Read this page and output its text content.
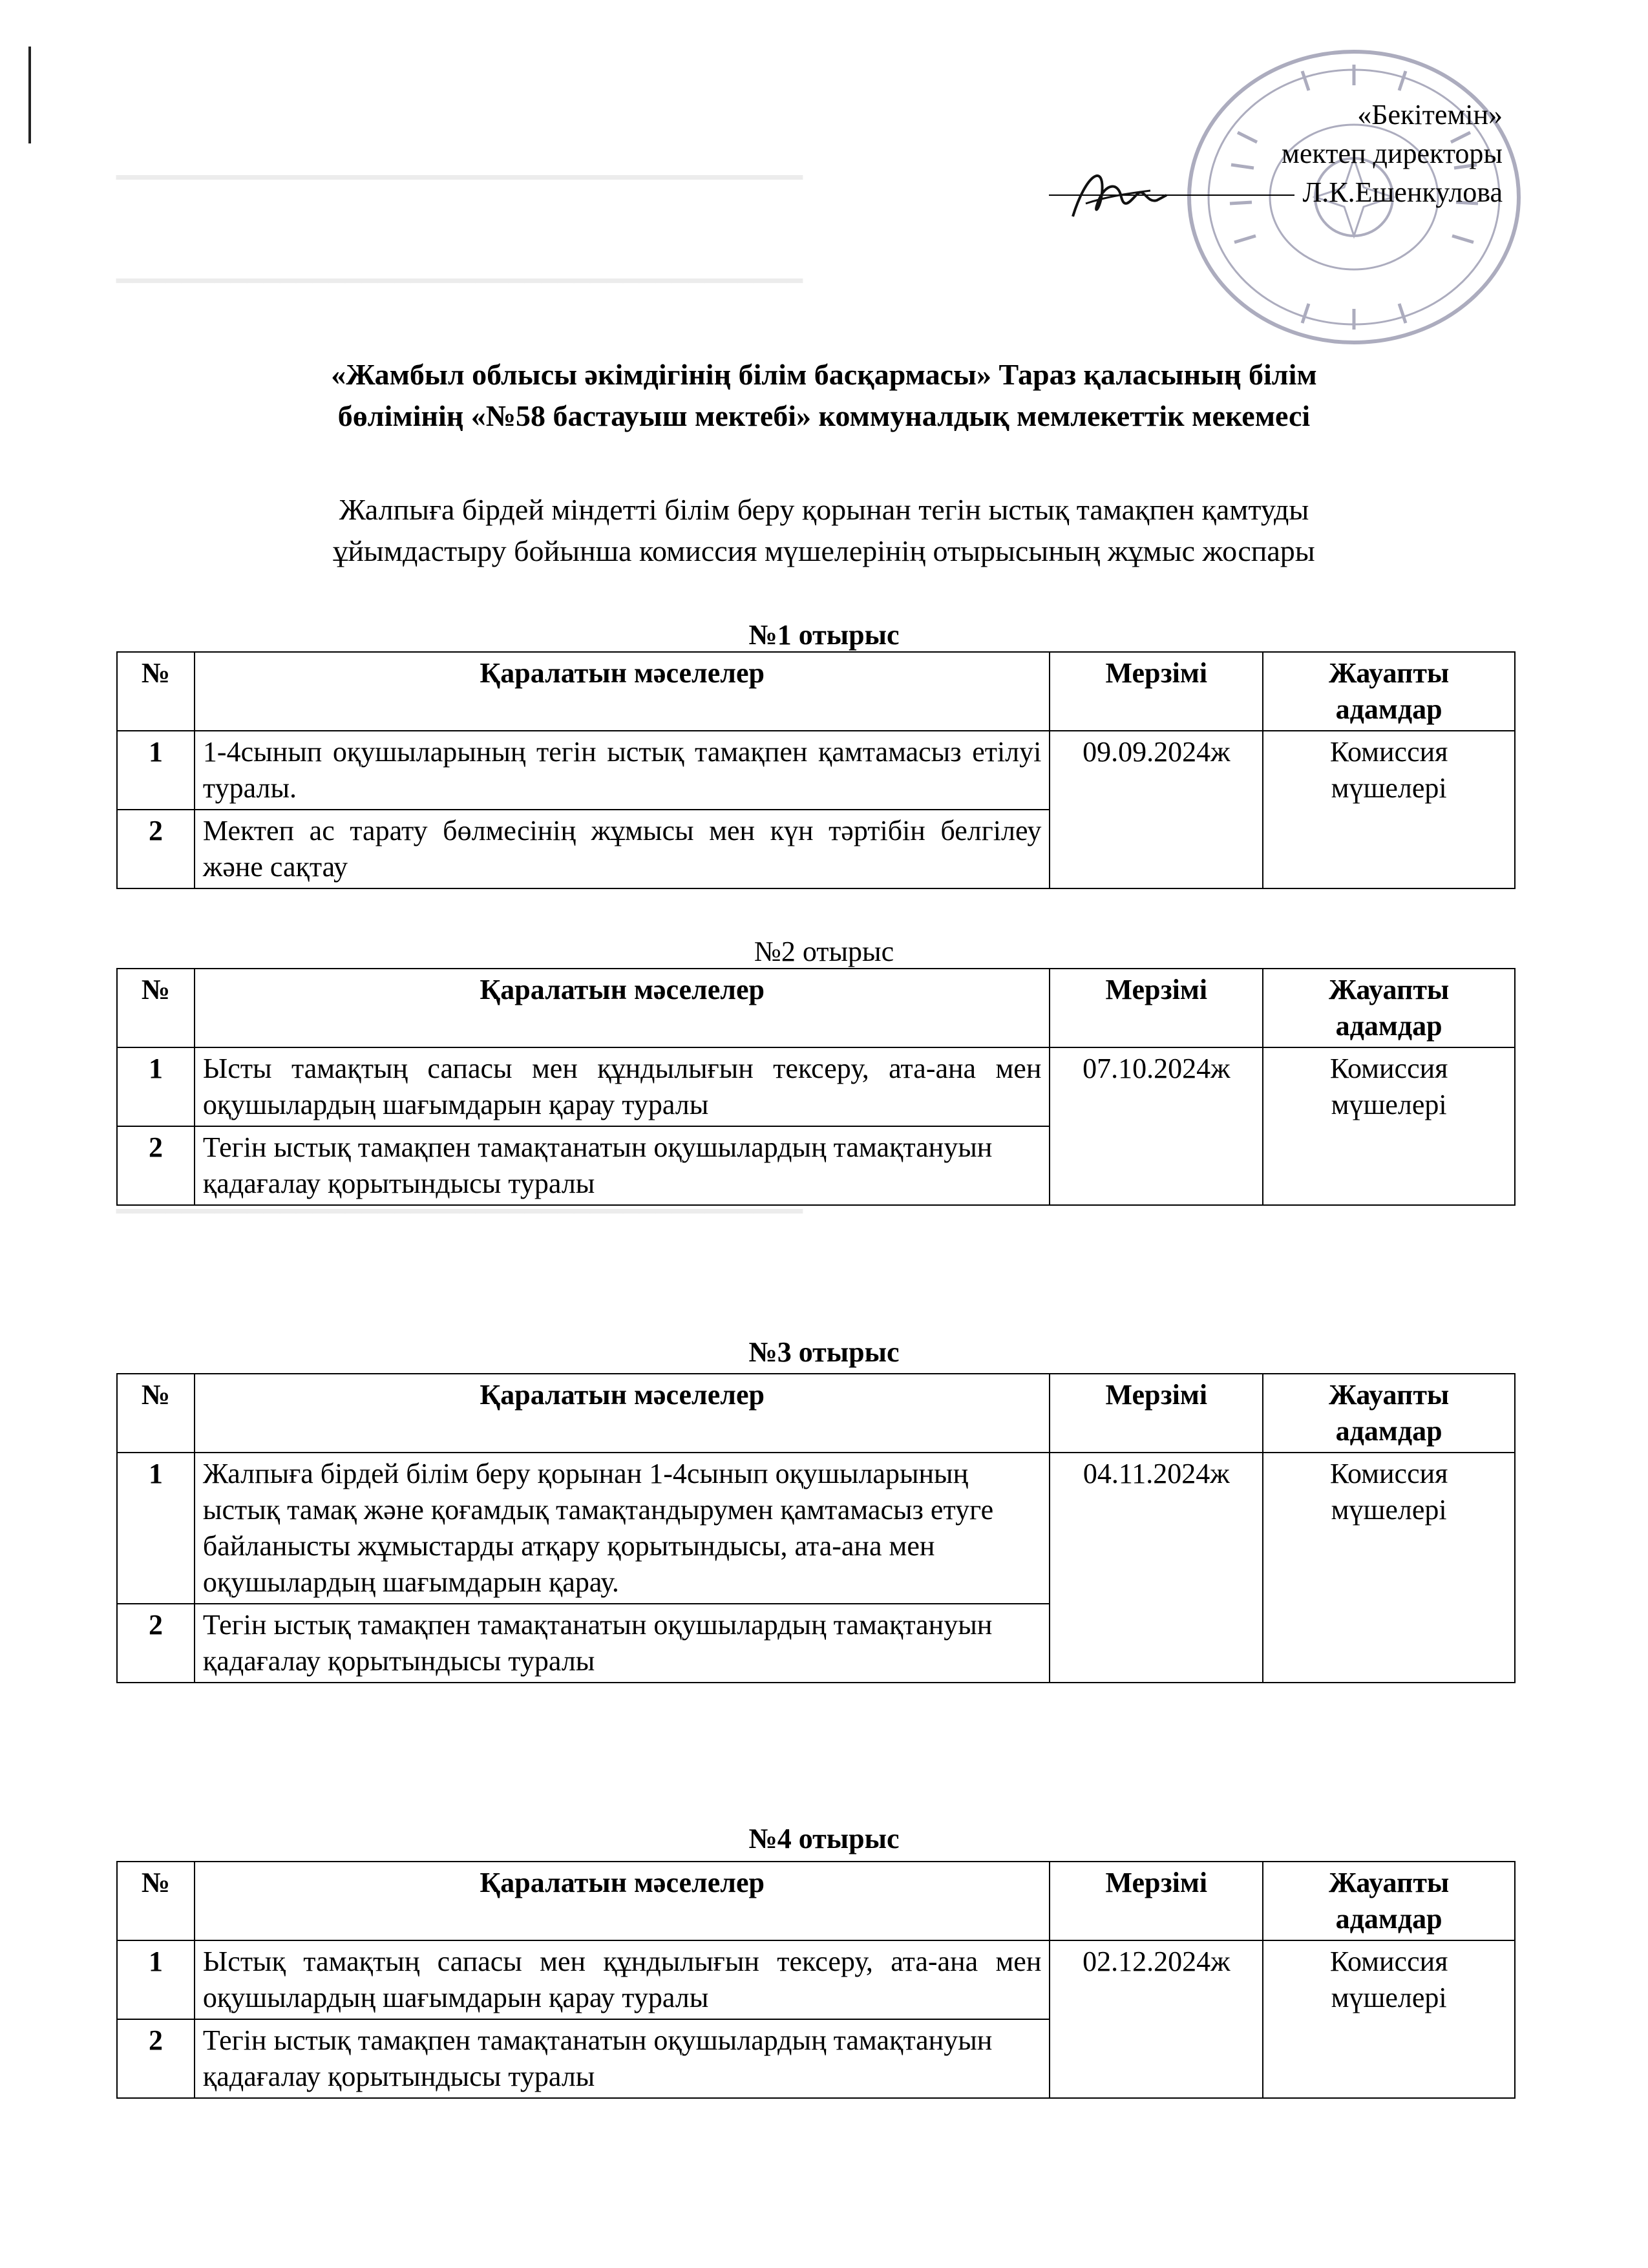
━━━━━━━━━━━━━━━━━━━━━━━━━━━━━━━━━━━━━━━━━━
━━━━━━━━━━━━━━━━━━━━━━━━━━━━━━━━━━━━━━━━━━
━━━━━━━━━━━━━━━━━━━━━━━━━━━━━━━━━━━━━━━━━━
«Бекітемін»
мектеп директоры
Л.К.Ешенкулова
«Жамбыл облысы әкімдігінің білім басқармасы» Тараз қаласының білім
бөлімінің «№58 бастауыш мектебі» коммуналдық мемлекеттік мекемесі
Жалпыға бірдей міндетті білім беру қорынан тегін ыстық тамақпен қамтуды
ұйымдастыру бойынша комиссия мүшелерінің отырысының жұмыс жоспары
№1 отырыс
№	Қаралатын мәселелер	Мерзімі	Жауапты
адамдар

1	1-4сынып оқушыларының тегін ыстық тамақпен қамтамасыз етілуі туралы.	09.09.2024ж	Комиссия
мүшелері

2	Мектеп ас тарату бөлмесінің жұмысы мен күн тәртібін белгілеу және сақтау		
№2 отырыс
№	Қаралатын мәселелер	Мерзімі	Жауапты
адамдар

1	Ысты тамақтың сапасы мен құндылығын тексеру, ата-ана мен оқушылардың шағымдарын қарау туралы	07.10.2024ж	Комиссия
мүшелері

2	Тегін ыстық тамақпен тамақтанатын оқушылардың тамақтануын қадағалау қорытындысы туралы		
№3 отырыс
№	Қаралатын мәселелер	Мерзімі	Жауапты
адамдар

1	Жалпыға бірдей білім беру қорынан 1-4сынып оқушыларының ыстық тамақ және қоғамдық тамақтандырумен қамтамасыз етуге байланысты жұмыстарды атқару қорытындысы, ата-ана мен оқушылардың шағымдарын қарау.	04.11.2024ж	Комиссия
мүшелері

2	Тегін ыстық тамақпен тамақтанатын оқушылардың тамақтануын қадағалау қорытындысы туралы		
№4 отырыс
№	Қаралатын мәселелер	Мерзімі	Жауапты
адамдар

1	Ыстық тамақтың сапасы мен құндылығын тексеру, ата-ана мен оқушылардың шағымдарын қарау туралы	02.12.2024ж	Комиссия
мүшелері

2	Тегін ыстық тамақпен тамақтанатын оқушылардың тамақтануын қадағалау қорытындысы туралы		
